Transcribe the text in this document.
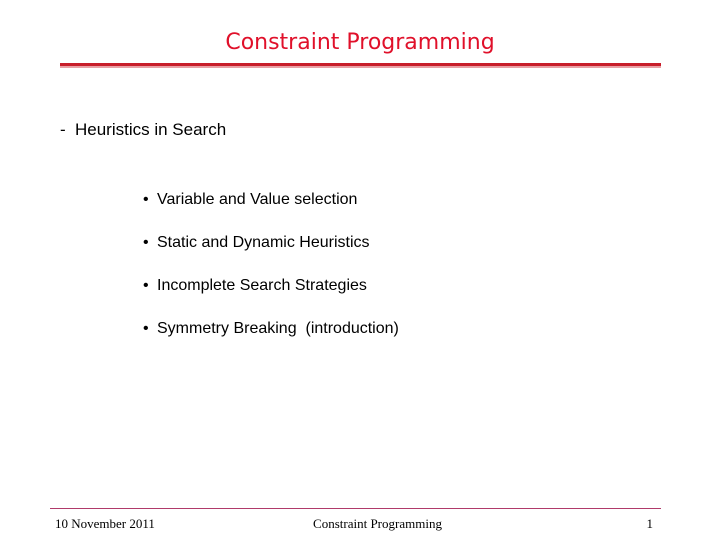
Constraint Programming
- Heuristics in Search
• Variable and Value selection
• Static and Dynamic Heuristics
• Incomplete Search Strategies
• Symmetry Breaking  (introduction)
10 November 2011	Constraint Programming	1
